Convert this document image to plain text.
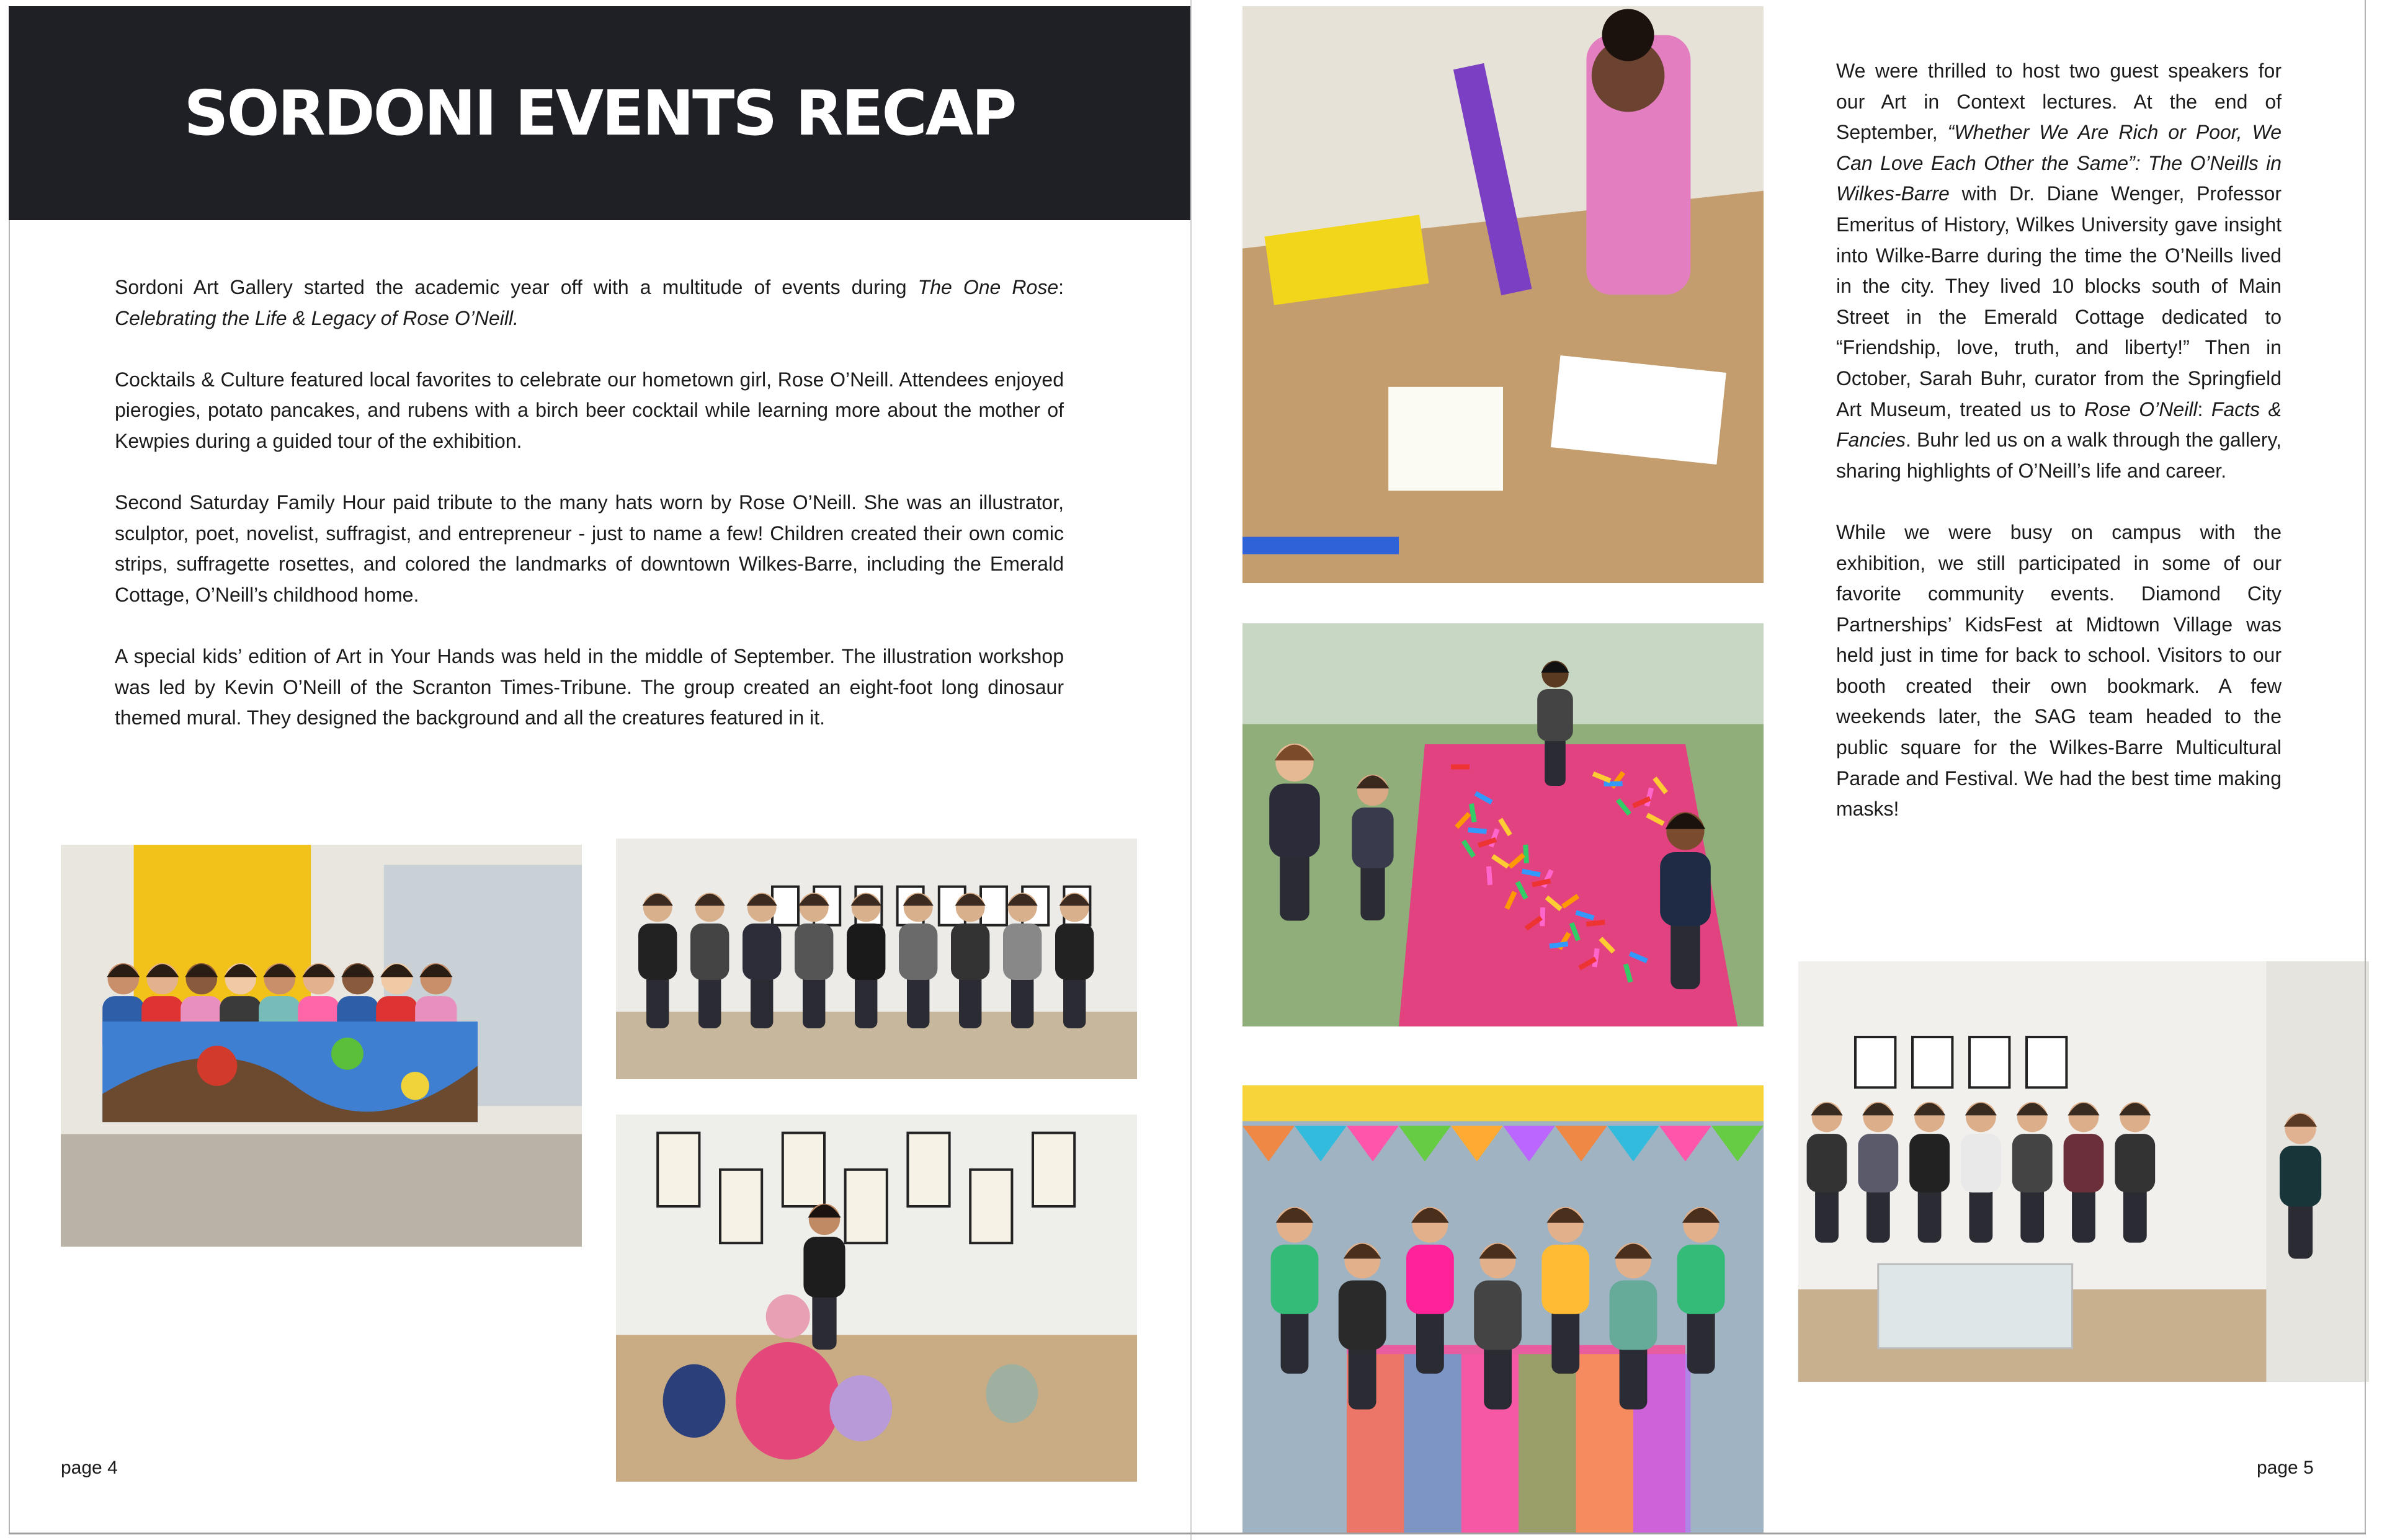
SORDONI EVENTS RECAP

Sordoni Art Gallery started the academic year off with a multitude of events during The One Rose: Celebrating the Life & Legacy of Rose O’Neill.

Cocktails & Culture featured local favorites to celebrate our hometown girl, Rose O’Neill. Attendees enjoyed pierogies, potato pancakes, and rubens with a birch beer cocktail while learning more about the mother of Kewpies during a guided tour of the exhibition.

Second Saturday Family Hour paid tribute to the many hats worn by Rose O’Neill. She was an illustrator, sculptor, poet, novelist, suffragist, and entrepreneur - just to name a few! Children created their own comic strips, suffragette rosettes, and colored the landmarks of downtown Wilkes-Barre, including the Emerald Cottage, O’Neill’s childhood home.

A special kids’ edition of Art in Your Hands was held in the middle of September. The illustration workshop was led by Kevin O’Neill of the Scranton Times-Tribune. The group created an eight-foot long dinosaur themed mural. They designed the background and all the creatures featured in it.

page 4	page 5

We were thrilled to host two guest speakers for our Art in Context lectures. At the end of September, “Whether We Are Rich or Poor, We Can Love Each Other the Same”: The O’Neills in Wilkes-Barre with Dr. Diane Wenger, Professor Emeritus of History, Wilkes University gave insight into Wilke-Barre during the time the O’Neills lived in the city. They lived 10 blocks south of Main Street in the Emerald Cottage dedicated to “Friendship, love, truth, and liberty!” Then in October, Sarah Buhr, curator from the Springfield Art Museum, treated us to Rose O’Neill: Facts & Fancies. Buhr led us on a walk through the gallery, sharing highlights of O’Neill’s life and career.

While we were busy on campus with the exhibition, we still participated in some of our favorite community events. Diamond City Partnerships’ KidsFest at Midtown Village was held just in time for back to school. Visitors to our booth created their own bookmark. A few weekends later, the SAG team headed to the public square for the Wilkes-Barre Multicultural Parade and Festival. We had the best time making masks!
